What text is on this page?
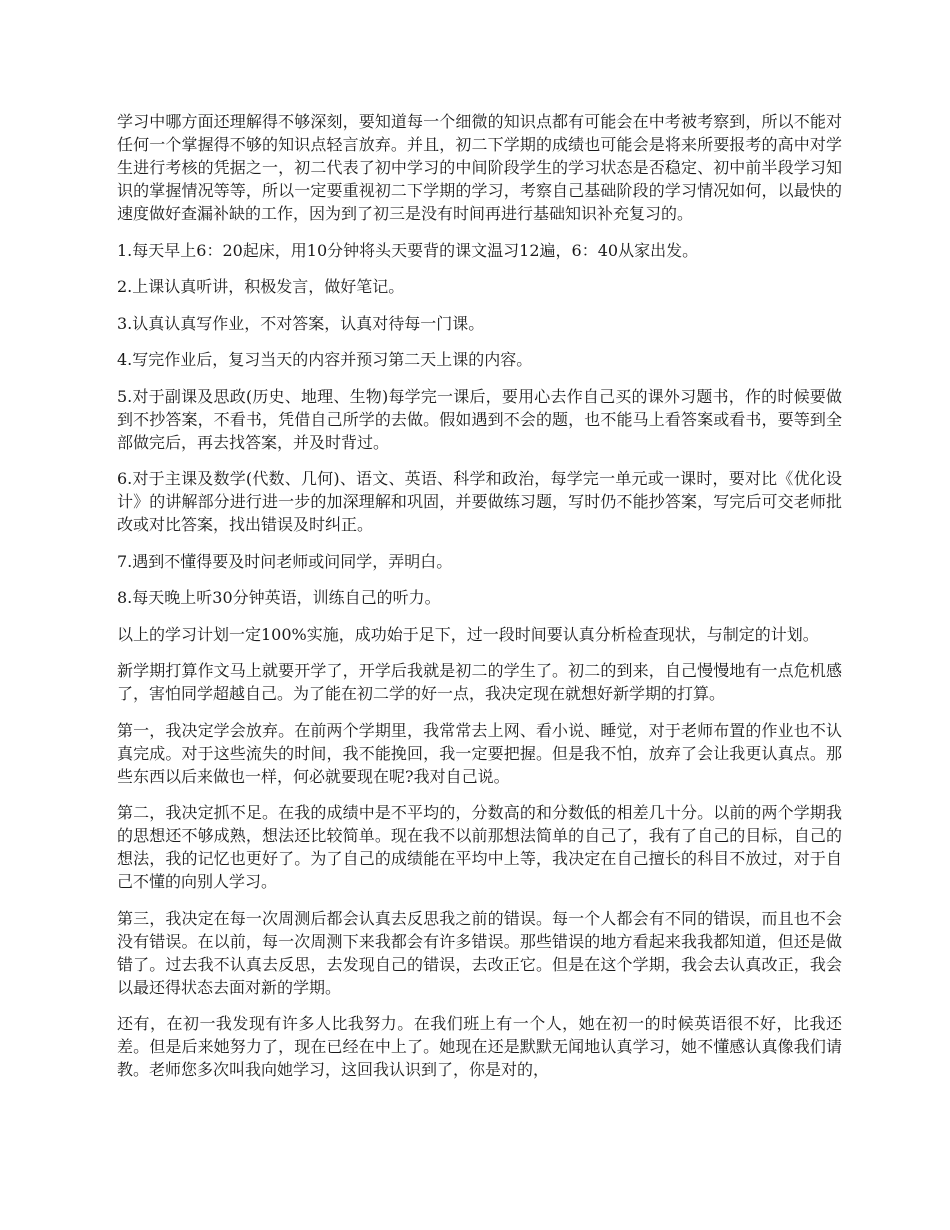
学习中哪方面还理解得不够深刻，要知道每一个细微的知识点都有可能会在中考被考察到，所以不能对任何一个掌握得不够的知识点轻言放弃。并且，初二下学期的成绩也可能会是将来所要报考的高中对学生进行考核的凭据之一，初二代表了初中学习的中间阶段学生的学习状态是否稳定、初中前半段学习知识的掌握情况等等，所以一定要重视初二下学期的学习，考察自己基础阶段的学习情况如何，以最快的速度做好查漏补缺的工作，因为到了初三是没有时间再进行基础知识补充复习的。

1.每天早上6：20起床，用10分钟将头天要背的课文温习12遍，6：40从家出发。

2.上课认真听讲，积极发言，做好笔记。

3.认真认真写作业，不对答案，认真对待每一门课。

4.写完作业后，复习当天的内容并预习第二天上课的内容。

5.对于副课及思政(历史、地理、生物)每学完一课后，要用心去作自己买的课外习题书，作的时候要做到不抄答案，不看书，凭借自己所学的去做。假如遇到不会的题，也不能马上看答案或看书，要等到全部做完后，再去找答案，并及时背过。

6.对于主课及数学(代数、几何)、语文、英语、科学和政治，每学完一单元或一课时，要对比《优化设计》的讲解部分进行进一步的加深理解和巩固，并要做练习题，写时仍不能抄答案，写完后可交老师批改或对比答案，找出错误及时纠正。

7.遇到不懂得要及时问老师或问同学，弄明白。

8.每天晚上听30分钟英语，训练自己的听力。

以上的学习计划一定100%实施，成功始于足下，过一段时间要认真分析检查现状，与制定的计划。

新学期打算作文马上就要开学了，开学后我就是初二的学生了。初二的到来，自己慢慢地有一点危机感了，害怕同学超越自己。为了能在初二学的好一点，我决定现在就想好新学期的打算。

第一，我决定学会放弃。在前两个学期里，我常常去上网、看小说、睡觉，对于老师布置的作业也不认真完成。对于这些流失的时间，我不能挽回，我一定要把握。但是我不怕，放弃了会让我更认真点。那些东西以后来做也一样，何必就要现在呢?我对自己说。

第二，我决定抓不足。在我的成绩中是不平均的，分数高的和分数低的相差几十分。以前的两个学期我的思想还不够成熟，想法还比较简单。现在我不以前那想法简单的自己了，我有了自己的目标，自己的想法，我的记忆也更好了。为了自己的成绩能在平均中上等，我决定在自己擅长的科目不放过，对于自己不懂的向别人学习。

第三，我决定在每一次周测后都会认真去反思我之前的错误。每一个人都会有不同的错误，而且也不会没有错误。在以前，每一次周测下来我都会有许多错误。那些错误的地方看起来我我都知道，但还是做错了。过去我不认真去反思，去发现自己的错误，去改正它。但是在这个学期，我会去认真改正，我会以最还得状态去面对新的学期。

还有，在初一我发现有许多人比我努力。在我们班上有一个人，她在初一的时候英语很不好，比我还差。但是后来她努力了，现在已经在中上了。她现在还是默默无闻地认真学习，她不懂感认真像我们请教。老师您多次叫我向她学习，这回我认识到了，你是对的，
